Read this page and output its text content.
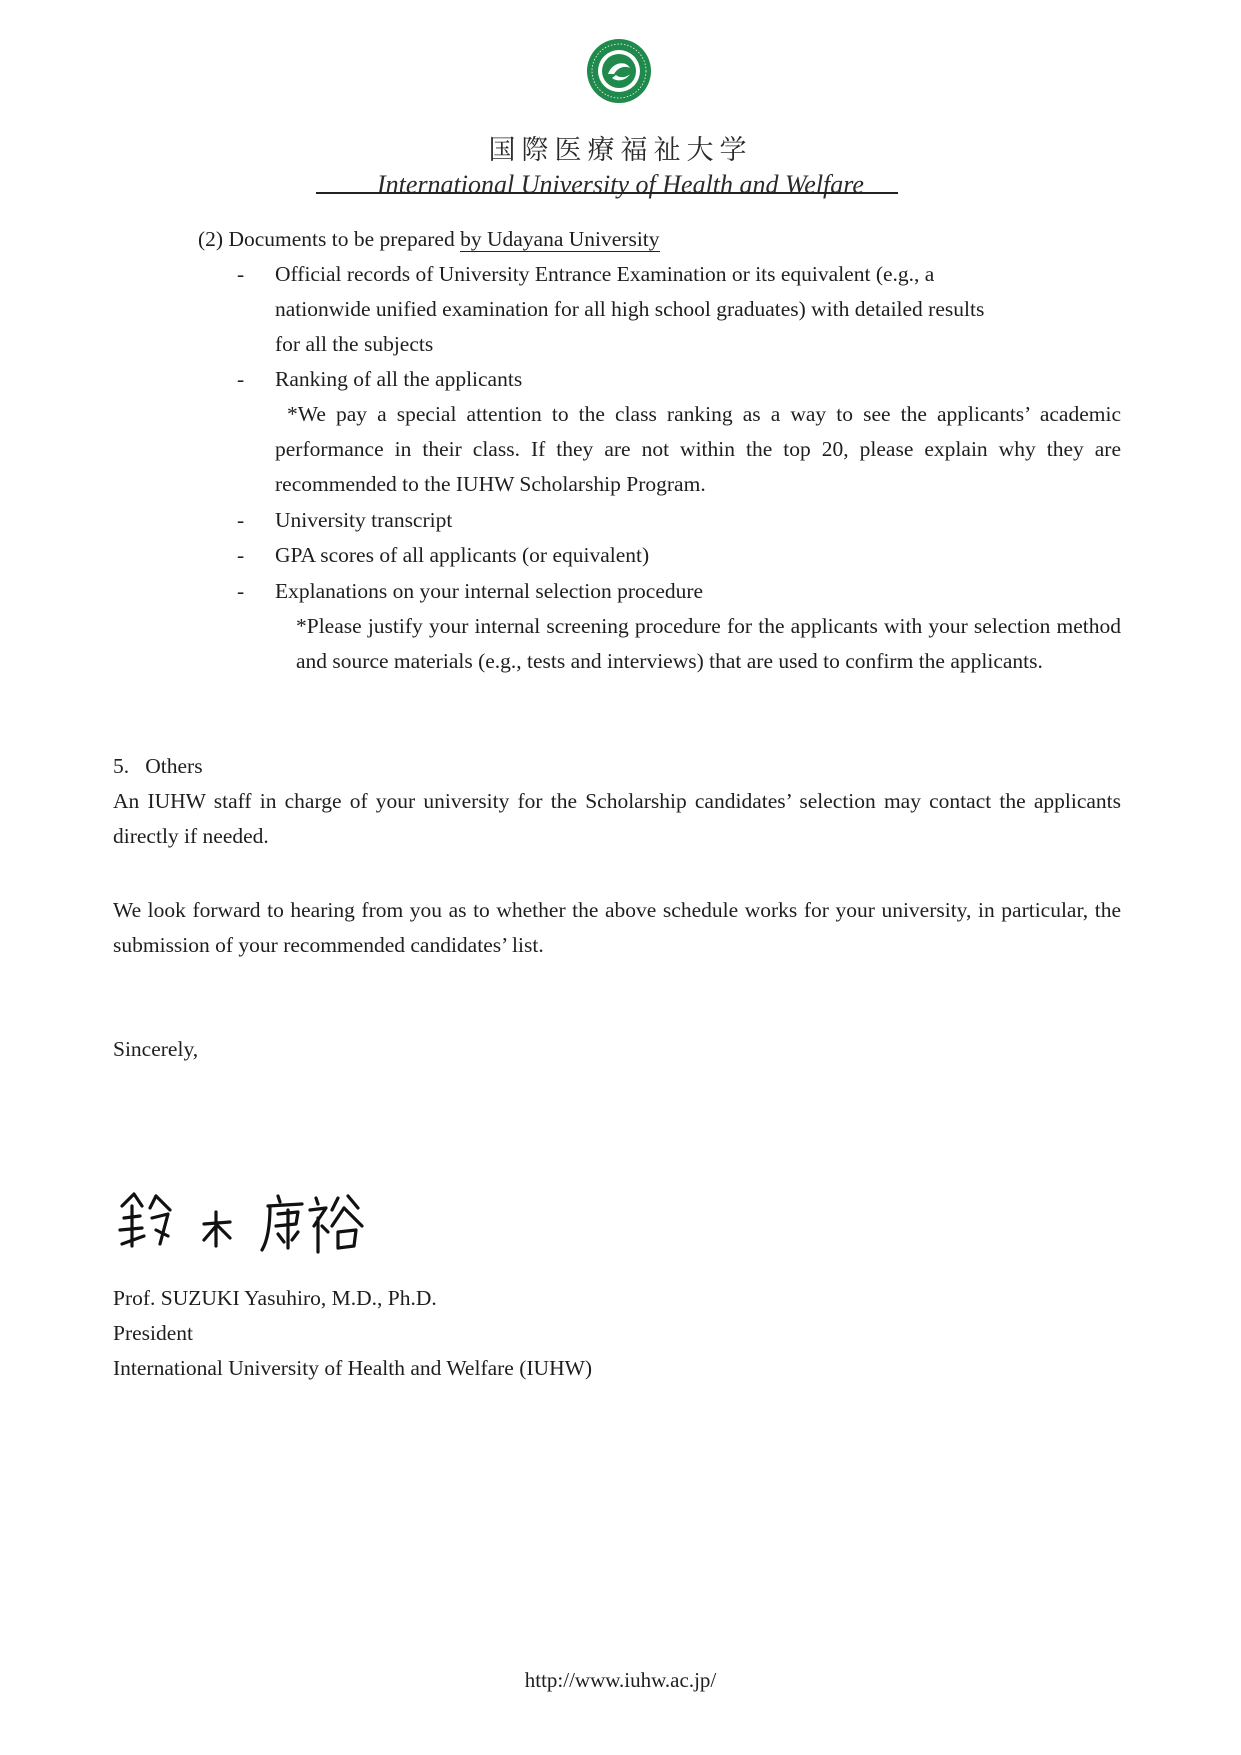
国際医療福祉大学
International University of Health and Welfare
(2) Documents to be prepared by Udayana University
- Official records of University Entrance Examination or its equivalent (e.g., a
nationwide unified examination for all high school graduates) with detailed results
for all the subjects
- Ranking of all the applicants
*We pay a special attention to the class ranking as a way to see the applicants’ academic performance in their class. If they are not within the top 20, please explain why they are recommended to the IUHW Scholarship Program.
- University transcript
- GPA scores of all applicants (or equivalent)
- Explanations on your internal selection procedure
*Please justify your internal screening procedure for the applicants with your selection method and source materials (e.g., tests and interviews) that are used to confirm the applicants.
5.   Others
An IUHW staff in charge of your university for the Scholarship candidates’ selection may contact the applicants directly if needed.
We look forward to hearing from you as to whether the above schedule works for your university, in particular, the submission of your recommended candidates’ list.
Sincerely,
Prof. SUZUKI Yasuhiro, M.D., Ph.D.
President
International University of Health and Welfare (IUHW)
http://www.iuhw.ac.jp/
